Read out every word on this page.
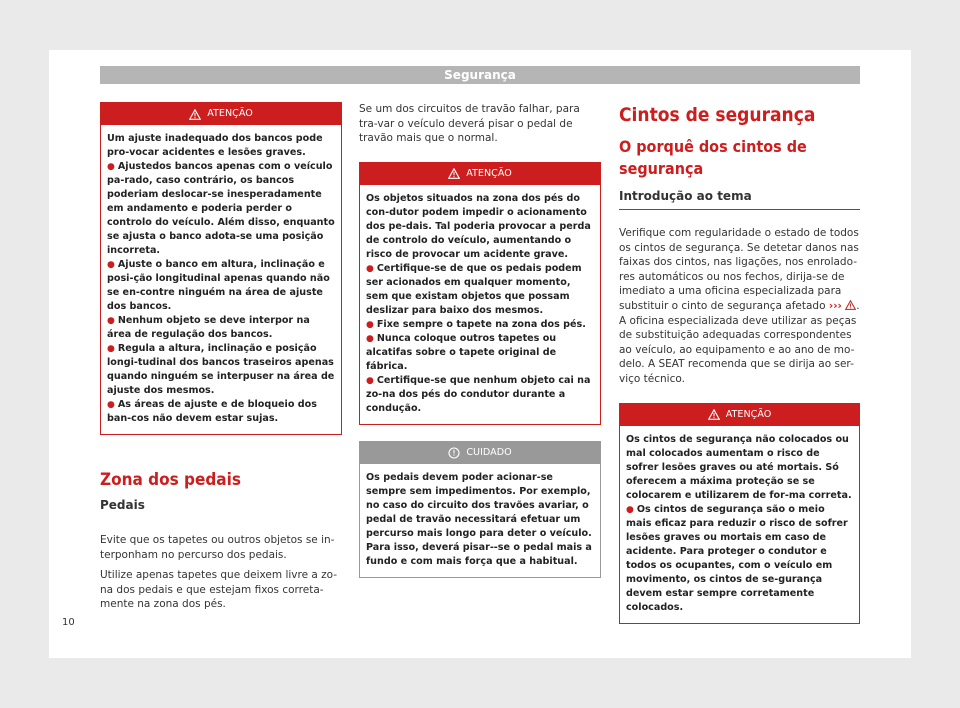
Segurança
ATENÇÃO

Um ajuste inadequado dos bancos pode pro-vocar acidentes e lesões graves.

● Ajustedos bancos apenas com o veículo pa-rado, caso contrário, os bancos poderiam deslocar-se inesperadamente em andamento e poderia perder o controlo do veículo. Além disso, enquanto se ajusta o banco adota-se uma posição incorreta.

● Ajuste o banco em altura, inclinação e posi-ção longitudinal apenas quando não se en-contre ninguém na área de ajuste dos bancos.

● Nenhum objeto se deve interpor na área de regulação dos bancos.

● Regula a altura, inclinação e posição longi-tudinal dos bancos traseiros apenas quando ninguém se interpuser na área de ajuste dos mesmos.

● As áreas de ajuste e de bloqueio dos ban-cos não devem estar sujas.

Zona dos pedais
Pedais

Evite que os tapetes ou outros objetos se in-terponham no percurso dos pedais.

Utilize apenas tapetes que deixem livre a zo-na dos pedais e que estejam fixos correta-mente na zona dos pés.

Se um dos circuitos de travão falhar, para tra-var o veículo deverá pisar o pedal de travão mais que o normal.

ATENÇÃO

Os objetos situados na zona dos pés do con-dutor podem impedir o acionamento dos pe-dais. Tal poderia provocar a perda de controlo do veículo, aumentando o risco de provocar um acidente grave.

● Certifique-se de que os pedais podem ser acionados em qualquer momento, sem que existam objetos que possam deslizar para baixo dos mesmos.

● Fixe sempre o tapete na zona dos pés.

● Nunca coloque outros tapetes ou alcatifas sobre o tapete original de fábrica.

● Certifique-se que nenhum objeto cai na zo-na dos pés do condutor durante a condução.

CUIDADO

Os pedais devem poder acionar-se sempre sem impedimentos. Por exemplo, no caso do circuito dos travões avariar, o pedal de travão necessitará efetuar um percurso mais longo para deter o veículo. Para isso, deverá pisar--se o pedal mais a fundo e com mais força que a habitual.

Cintos de segurança
O porquê dos cintos de segurança
Introdução ao tema

Verifique com regularidade o estado de todos os cintos de segurança. Se detetar danos nas faixas dos cintos, nas ligações, nos enrolado-res automáticos ou nos fechos, dirija-se de imediato a uma oficina especializada para substituir o cinto de segurança afetado ››› .

A oficina especializada deve utilizar as peças de substituição adequadas correspondentes ao veículo, ao equipamento e ao ano de mo-delo. A SEAT recomenda que se dirija ao ser-viço técnico.

ATENÇÃO

Os cintos de segurança não colocados ou mal colocados aumentam o risco de sofrer lesões graves ou até mortais. Só oferecem a máxima proteção se se colocarem e utilizarem de for-ma correta.

● Os cintos de segurança são o meio mais eficaz para reduzir o risco de sofrer lesões graves ou mortais em caso de acidente. Para proteger o condutor e todos os ocupantes, com o veículo em movimento, os cintos de se-gurança devem estar sempre corretamente colocados.

10
